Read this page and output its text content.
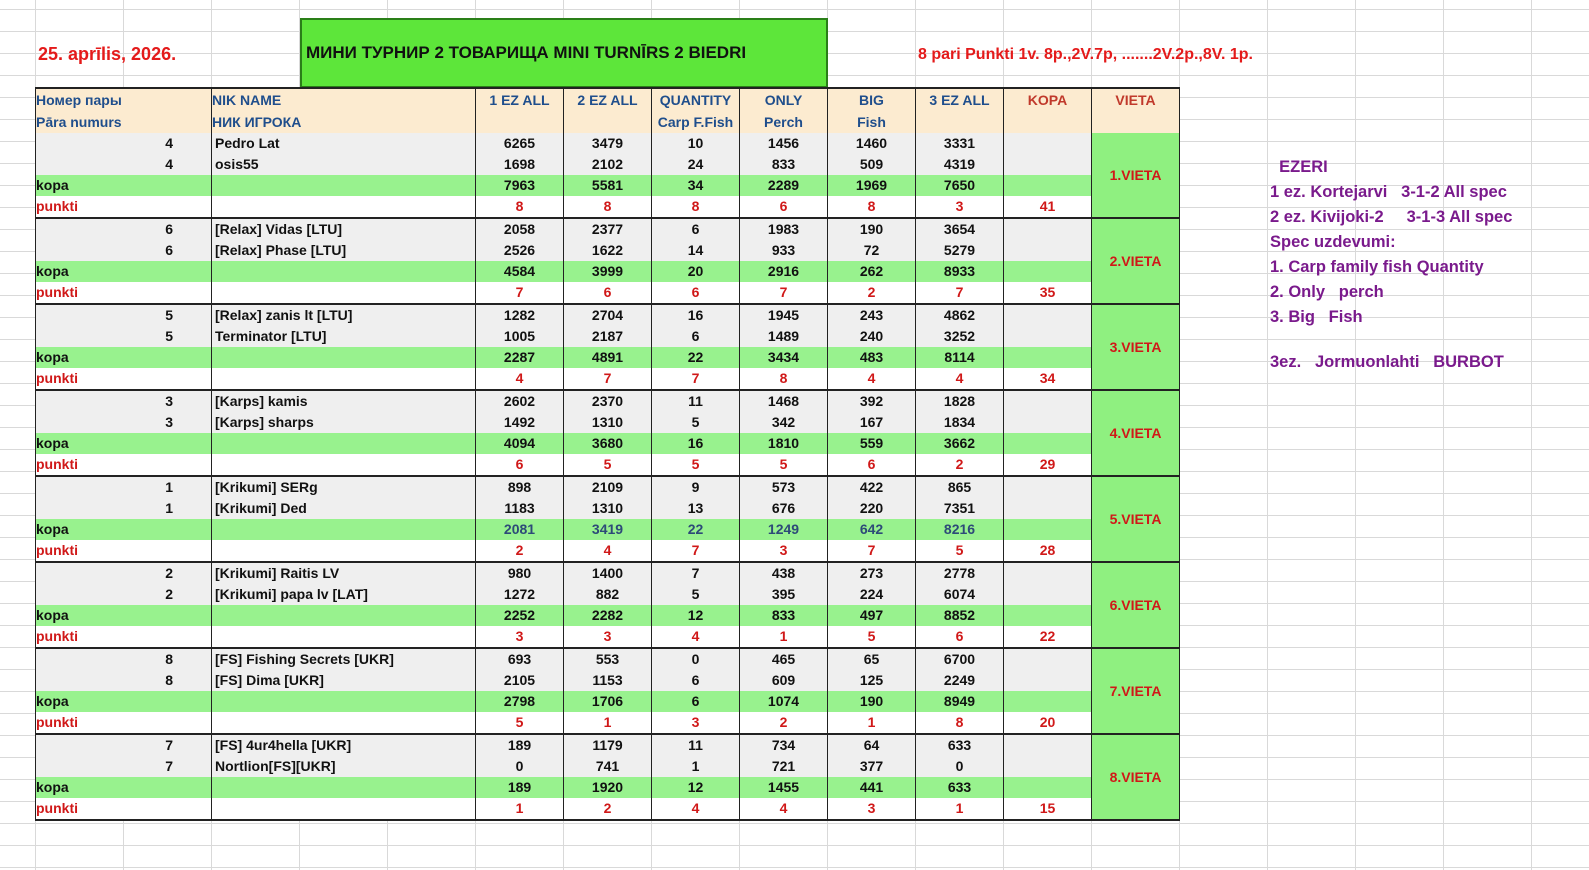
25. aprīlis, 2026.	МИНИ ТУРНИР 2 ТОВАРИЩА MINI TURNĪRS 2 BIEDRI	8 pari Punkti 1v. 8p.,2V.7p, .......2V.2p.,8V. 1p.
Номер пары	NIK NAME	1 EZ ALL	2 EZ ALL	QUANTITY	ONLY	BIG	3 EZ ALL	KOPA	VIETA
Pāra numurs	НИК ИГРОКА			Carp F.Fish	Perch	Fish			
4	Pedro Lat	6265	3479	10	1456	1460	3331		1.VIETA
4	osis55	1698	2102	24	833	509	4319		
kopa		7963	5581	34	2289	1969	7650		
punkti		8	8	8	6	8	3	41	
6	[Relax] Vidas [LTU]	2058	2377	6	1983	190	3654		2.VIETA
6	[Relax] Phase [LTU]	2526	1622	14	933	72	5279		
kopa		4584	3999	20	2916	262	8933		
punkti		7	6	6	7	2	7	35	
5	[Relax] zanis lt [LTU]	1282	2704	16	1945	243	4862		3.VIETA
5	Terminator [LTU]	1005	2187	6	1489	240	3252		
kopa		2287	4891	22	3434	483	8114		
punkti		4	7	7	8	4	4	34	
3	[Karps] kamis	2602	2370	11	1468	392	1828		4.VIETA
3	[Karps] sharps	1492	1310	5	342	167	1834		
kopa		4094	3680	16	1810	559	3662		
punkti		6	5	5	5	6	2	29	
1	[Krikumi] SERg	898	2109	9	573	422	865		5.VIETA
1	[Krikumi] Ded	1183	1310	13	676	220	7351		
kopa		2081	3419	22	1249	642	8216		
punkti		2	4	7	3	7	5	28	
2	[Krikumi] Raitis LV	980	1400	7	438	273	2778		6.VIETA
2	[Krikumi] papa lv [LAT]	1272	882	5	395	224	6074		
kopa		2252	2282	12	833	497	8852		
punkti		3	3	4	1	5	6	22	
8	[FS] Fishing Secrets [UKR]	693	553	0	465	65	6700		7.VIETA
8	[FS] Dima [UKR]	2105	1153	6	609	125	2249		
kopa		2798	1706	6	1074	190	8949		
punkti		5	1	3	2	1	8	20	
7	[FS] 4ur4hella [UKR]	189	1179	11	734	64	633		8.VIETA
7	Nortlion[FS][UKR]	0	741	1	721	377	0		
kopa		189	1920	12	1455	441	633		
punkti		1	2	4	4	3	1	15	
EZERI
1 ez. Kortejarvi   3-1-2 All spec
2 ez. Kivijoki-2     3-1-3 All spec
Spec uzdevumi:
1. Carp family fish Quantity
2. Only   perch
3. Big   Fish
3ez.   Jormuonlahti   BURBOT
